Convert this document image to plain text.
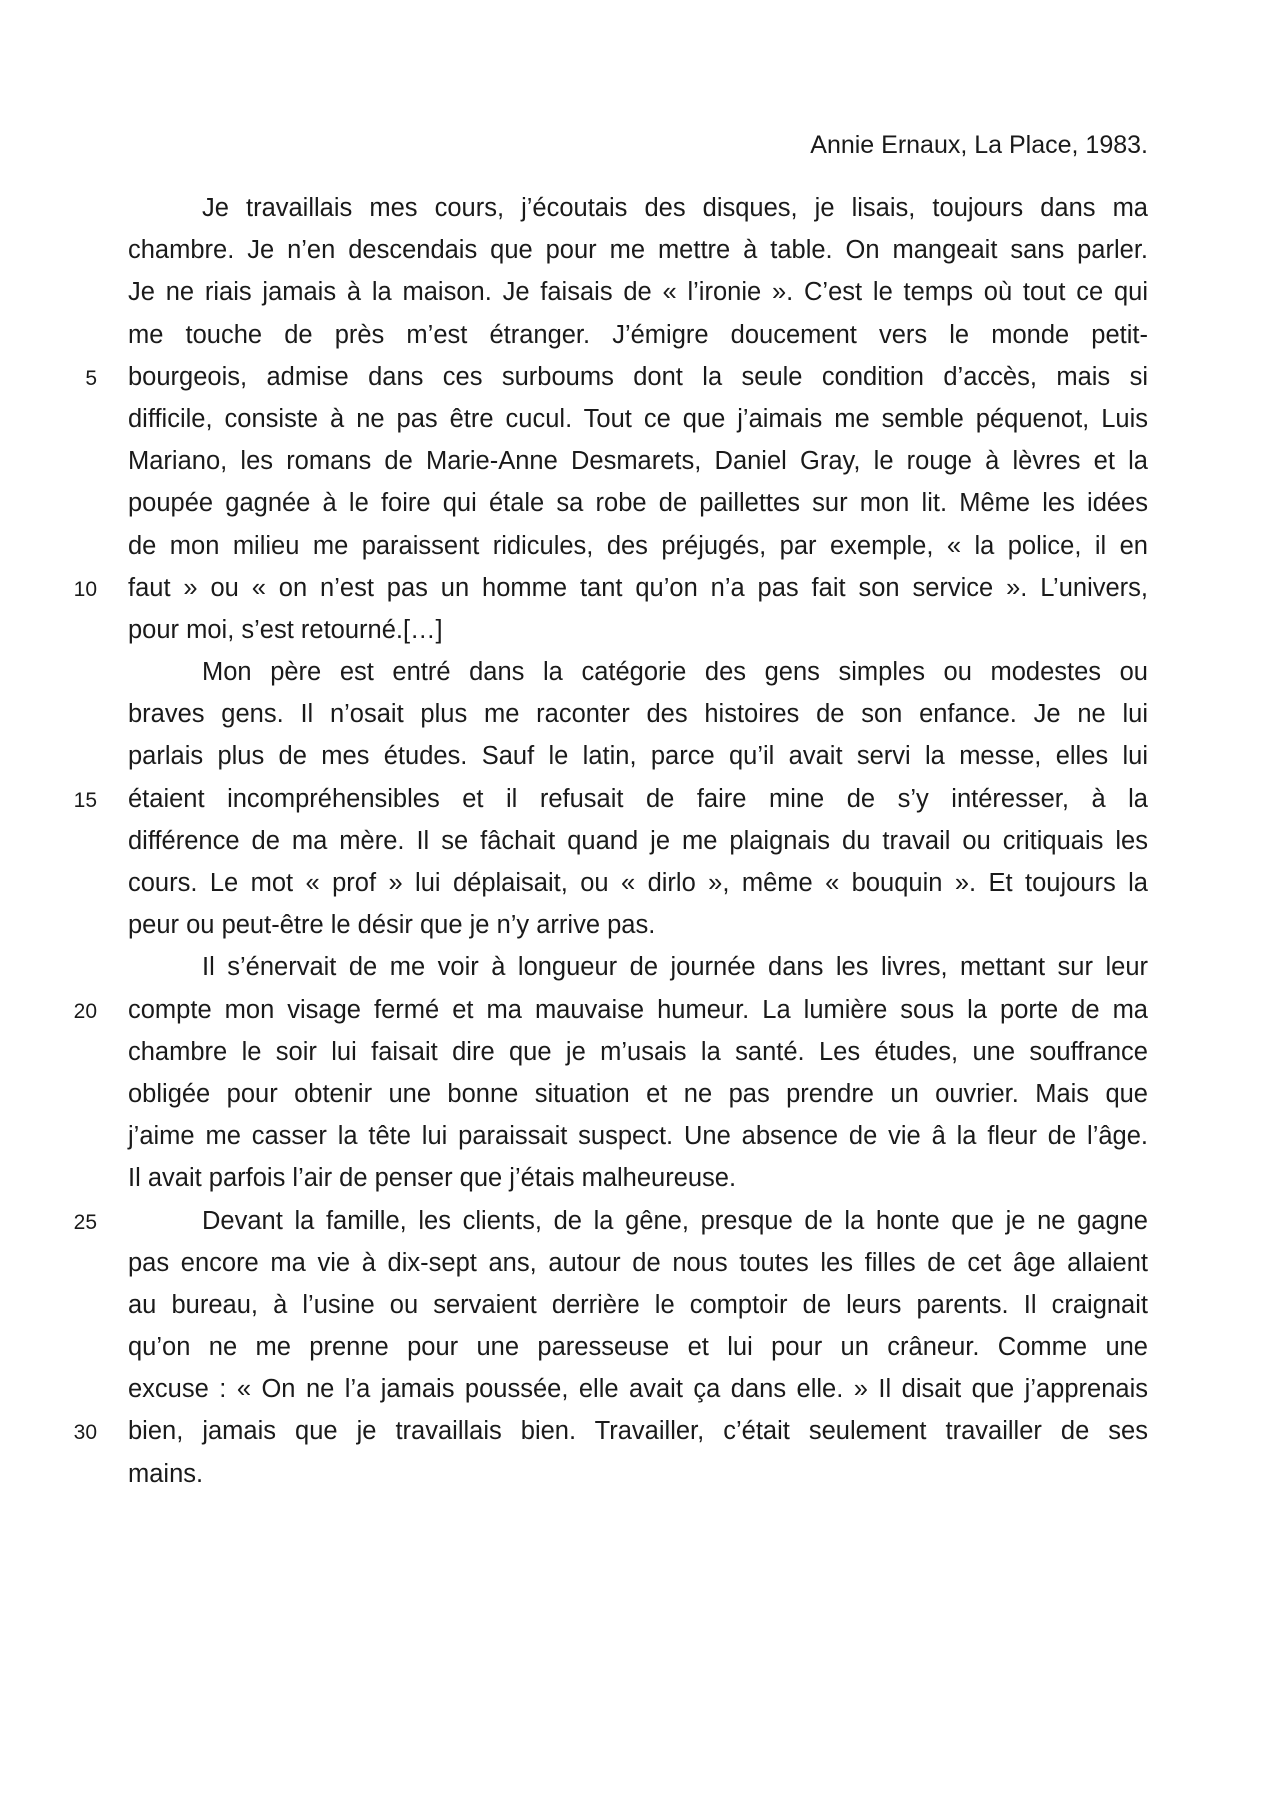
Annie Ernaux, La Place, 1983.
Je travaillais mes cours, j’écoutais des disques, je lisais, toujours dans ma
chambre. Je n’en descendais que pour me mettre à table. On mangeait sans parler.
Je ne riais jamais à la maison. Je faisais de « l’ironie ». C’est le temps où tout ce qui
me touche de près m’est étranger. J’émigre doucement vers le monde petit-
5 bourgeois, admise dans ces surboums dont la seule condition d’accès, mais si
difficile, consiste à ne pas être cucul. Tout ce que j’aimais me semble péquenot, Luis
Mariano, les romans de Marie-Anne Desmarets, Daniel Gray, le rouge à lèvres et la
poupée gagnée à le foire qui étale sa robe de paillettes sur mon lit. Même les idées
de mon milieu me paraissent ridicules, des préjugés, par exemple, « la police, il en
10 faut » ou « on n’est pas un homme tant qu’on n’a pas fait son service ». L’univers,
pour moi, s’est retourné.[…]
Mon père est entré dans la catégorie des gens simples ou modestes ou
braves gens. Il n’osait plus me raconter des histoires de son enfance. Je ne lui
parlais plus de mes études. Sauf le latin, parce qu’il avait servi la messe, elles lui
15 étaient incompréhensibles et il refusait de faire mine de s’y intéresser, à la
différence de ma mère. Il se fâchait quand je me plaignais du travail ou critiquais les
cours. Le mot « prof » lui déplaisait, ou « dirlo », même « bouquin ». Et toujours la
peur ou peut-être le désir que je n’y arrive pas.
Il s’énervait de me voir à longueur de journée dans les livres, mettant sur leur
20 compte mon visage fermé et ma mauvaise humeur. La lumière sous la porte de ma
chambre le soir lui faisait dire que je m’usais la santé. Les études, une souffrance
obligée pour obtenir une bonne situation et ne pas prendre un ouvrier. Mais que
j’aime me casser la tête lui paraissait suspect. Une absence de vie â la fleur de l’âge.
Il avait parfois l’air de penser que j’étais malheureuse.
25	Devant la famille, les clients, de la gêne, presque de la honte que je ne gagne
pas encore ma vie à dix-sept ans, autour de nous toutes les filles de cet âge allaient
au bureau, à l’usine ou servaient derrière le comptoir de leurs parents. Il craignait
qu’on ne me prenne pour une paresseuse et lui pour un crâneur. Comme une
excuse : « On ne l’a jamais poussée, elle avait ça dans elle. » Il disait que j’apprenais
30 bien, jamais que je travaillais bien. Travailler, c’était seulement travailler de ses
mains.
